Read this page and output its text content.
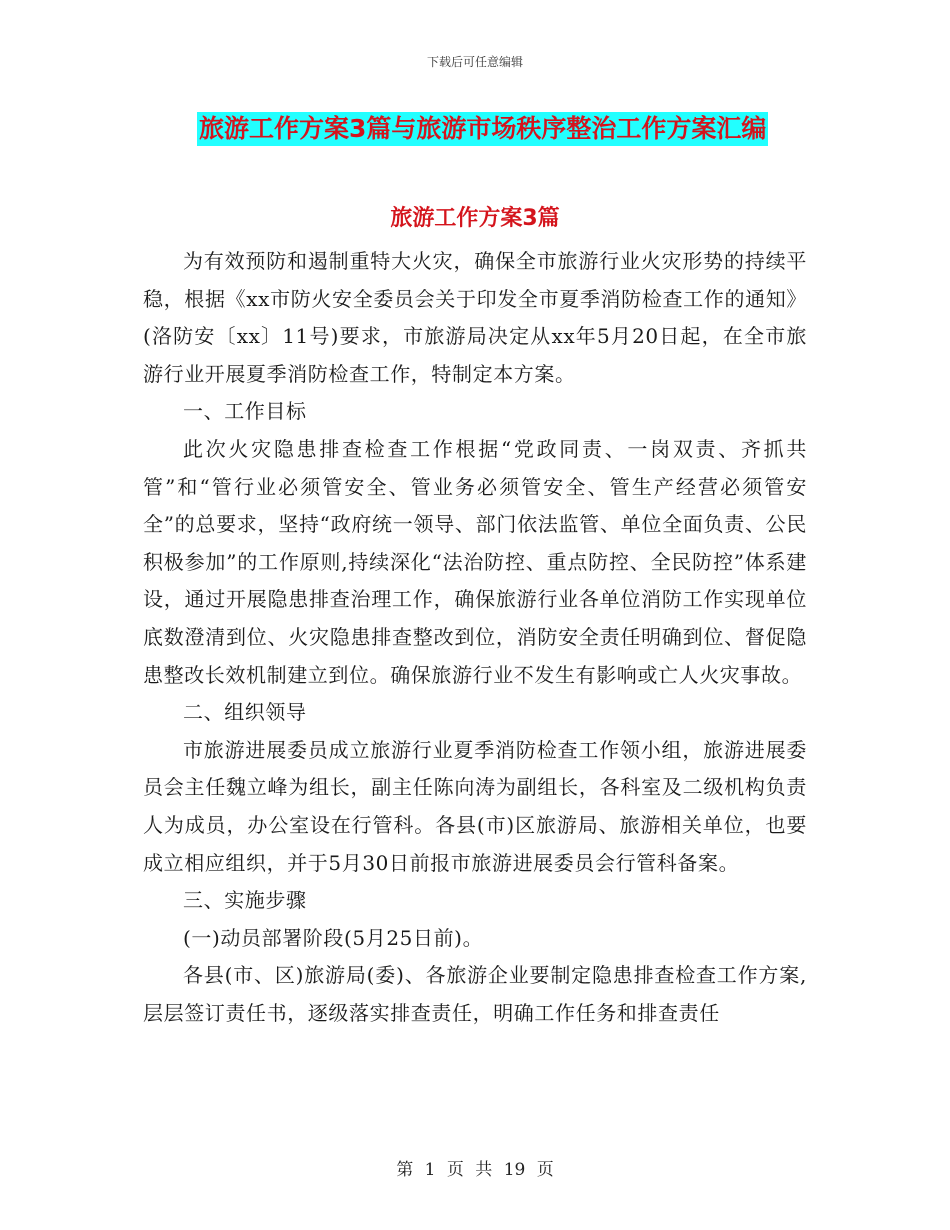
下载后可任意编辑
旅游工作方案3篇与旅游市场秩序整治工作方案汇编
旅游工作方案3篇

为有效预防和遏制重特大火灾，确保全市旅游行业火灾形势的持续平稳，根据《xx市防火安全委员会关于印发全市夏季消防检查工作的通知》(洛防安〔xx〕11号)要求，市旅游局决定从xx年5月20日起，在全市旅游行业开展夏季消防检查工作，特制定本方案。

一、工作目标

此次火灾隐患排查检查工作根据“党政同责、一岗双责、齐抓共管”和“管行业必须管安全、管业务必须管安全、管生产经营必须管安全”的总要求，坚持“政府统一领导、部门依法监管、单位全面负责、公民积极参加”的工作原则,持续深化“法治防控、重点防控、全民防控”体系建设，通过开展隐患排查治理工作，确保旅游行业各单位消防工作实现单位底数澄清到位、火灾隐患排查整改到位，消防安全责任明确到位、督促隐患整改长效机制建立到位。确保旅游行业不发生有影响或亡人火灾事故。

二、组织领导

市旅游进展委员成立旅游行业夏季消防检查工作领小组，旅游进展委员会主任魏立峰为组长，副主任陈向涛为副组长，各科室及二级机构负责人为成员，办公室设在行管科。各县(市)区旅游局、旅游相关单位，也要成立相应组织，并于5月30日前报市旅游进展委员会行管科备案。

三、实施步骤

(一)动员部署阶段(5月25日前)。

各县(市、区)旅游局(委)、各旅游企业要制定隐患排查检查工作方案,层层签订责任书，逐级落实排查责任，明确工作任务和排查责任

第 1 页 共 19 页
